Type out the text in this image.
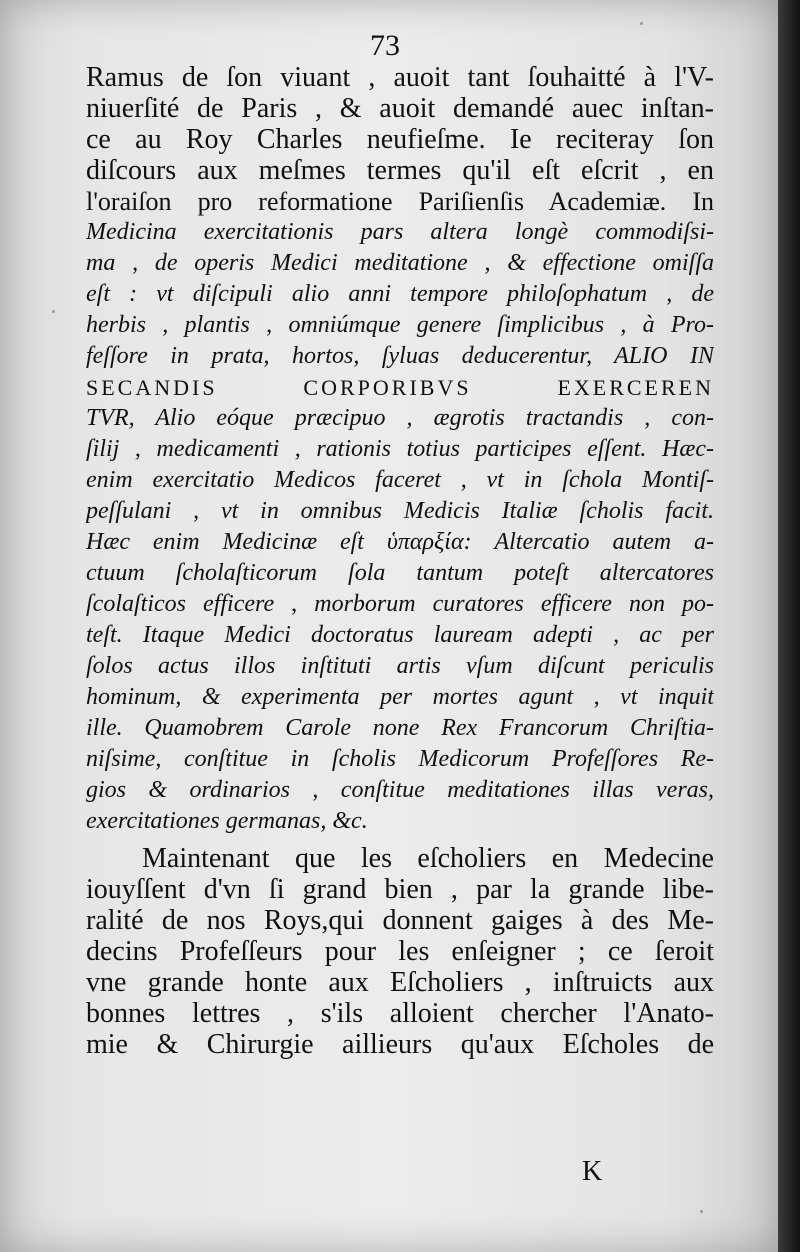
73
Ramus de ſon viuant , auoit tant ſouhaitté à l'V-
niuerſité de Paris , & auoit demandé auec inſtan-
ce au Roy Charles neufieſme. Ie reciteray ſon
diſcours aux meſmes termes qu'il eſt eſcrit , en
l'oraiſon pro reformatione Pariſienſis Academiæ. In
Medicina exercitationis pars altera longè commodiſsi-
ma , de operis Medici meditatione , & effectione omiſſa
eſt : vt diſcipuli alio anni tempore philoſophatum , de
herbis , plantis , omniúmque genere ſimplicibus , à Pro-
feſſore in prata, hortos, ſyluas deducerentur, ALIO IN
SECANDIS CORPORIBVS EXERCEREN
TVR, Alio eóque præcipuo , ægrotis tractandis , con-
ſilij , medicamenti , rationis totius participes eſſent. Hæc-
enim exercitatio Medicos faceret , vt in ſchola Montiſ-
peſſulani , vt in omnibus Medicis Italiæ ſcholis facit.
Hæc enim Medicinæ eſt ὑπαρξία: Altercatio autem a-
ctuum ſcholaſticorum ſola tantum poteſt altercatores
ſcolaſticos efficere , morborum curatores efficere non po-
teſt. Itaque Medici doctoratus lauream adepti , ac per
ſolos actus illos inſtituti artis vſum diſcunt periculis
hominum, & experimenta per mortes agunt , vt inquit
ille. Quamobrem Carole none Rex Francorum Chriſtia-
niſsime, conſtitue in ſcholis Medicorum Profeſſores Re-
gios & ordinarios , conſtitue meditationes illas veras,
exercitationes germanas, &c.
Maintenant que les eſcholiers en Medecine
iouyſſent d'vn ſi grand bien , par la grande libe-
ralité de nos Roys,qui donnent gaiges à des Me-
decins Profeſſeurs pour les enſeigner ; ce ſeroit
vne grande honte aux Eſcholiers , inſtruicts aux
bonnes lettres , s'ils alloient chercher l'Anato-
mie & Chirurgie aillieurs qu'aux Eſcholes de
K
